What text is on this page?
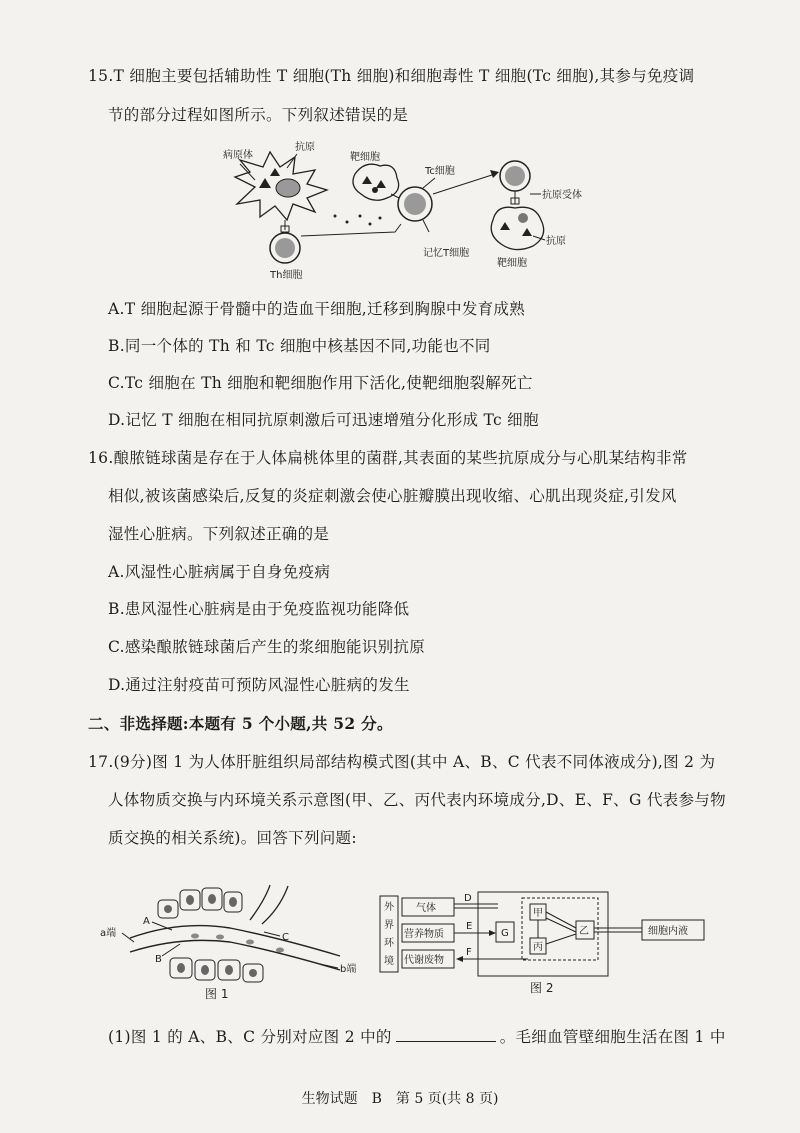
15.T 细胞主要包括辅助性 T 细胞(Th 细胞)和细胞毒性 T 细胞(Tc 细胞),其参与免疫调
节的部分过程如图所示。下列叙述错误的是
病原体
抗原
Th细胞
靶细胞
Tc细胞
记忆T细胞
抗原受体
抗原
靶细胞
A.T 细胞起源于骨髓中的造血干细胞,迁移到胸腺中发育成熟
B.同一个体的 Th 和 Tc 细胞中核基因不同,功能也不同
C.Tc 细胞在 Th 细胞和靶细胞作用下活化,使靶细胞裂解死亡
D.记忆 T 细胞在相同抗原刺激后可迅速增殖分化形成 Tc 细胞
16.酿脓链球菌是存在于人体扁桃体里的菌群,其表面的某些抗原成分与心肌某结构非常
相似,被该菌感染后,反复的炎症刺激会使心脏瓣膜出现收缩、心肌出现炎症,引发风
湿性心脏病。下列叙述正确的是
A.风湿性心脏病属于自身免疫病
B.患风湿性心脏病是由于免疫监视功能降低
C.感染酿脓链球菌后产生的浆细胞能识别抗原
D.通过注射疫苗可预防风湿性心脏病的发生
二、非选择题:本题有 5 个小题,共 52 分。
17.(9分)图 1 为人体肝脏组织局部结构模式图(其中 A、B、C 代表不同体液成分),图 2 为
人体物质交换与内环境关系示意图(甲、乙、丙代表内环境成分,D、E、F、G 代表参与物
质交换的相关系统)。回答下列问题:
a端
A
B
C
b端
图 1
外
界
环
境
气体
营养物质
代谢废物
D
E
G
F
甲
丙
乙	细胞内液
图 2
(1)图 1 的 A、B、C 分别对应图 2 中的	。毛细血管壁细胞生活在图 1 中
生物试题　B　第 5 页(共 8 页)
